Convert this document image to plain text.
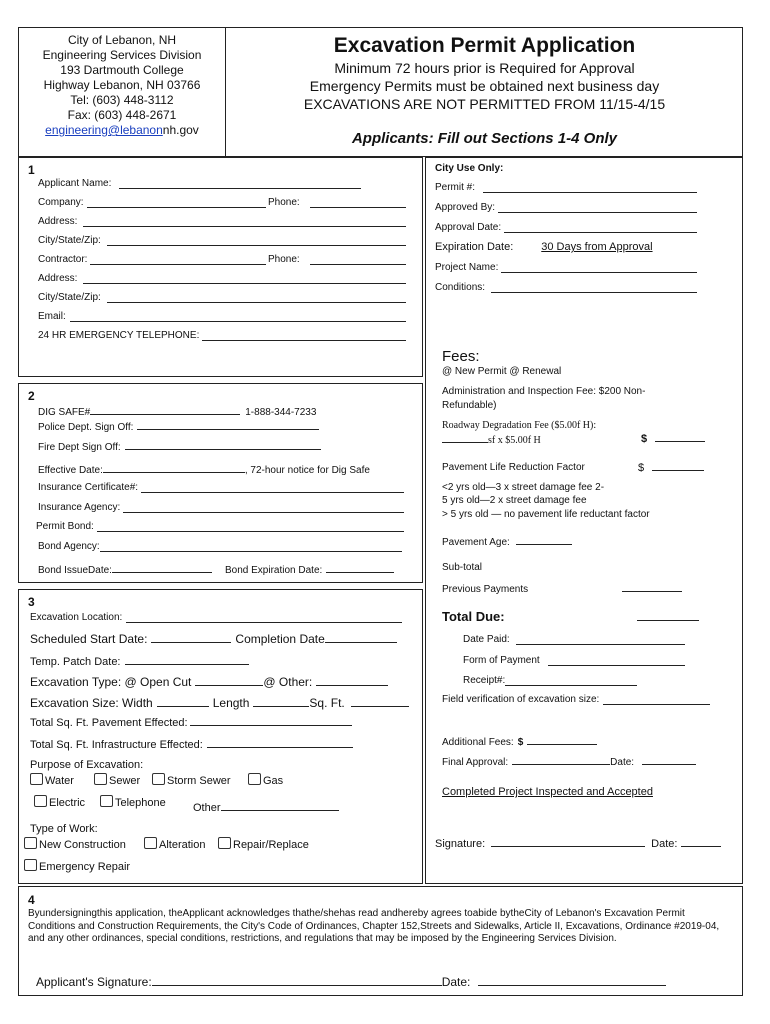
City of Lebanon, NH
Engineering Services Division
193 Dartmouth College
Highway Lebanon, NH 03766
Tel: (603) 448-3112
Fax: (603) 448-2671
engineering@lebanonnh.gov
Excavation Permit Application
Minimum 72 hours prior is Required for Approval
Emergency Permits must be obtained next business day
EXCAVATIONS ARE NOT PERMITTED FROM 11/15-4/15
Applicants: Fill out Sections 1-4 Only
1
Applicant Name:
Company:	Phone:
Address:
City/State/Zip:
Contractor:	Phone:
Address:
City/State/Zip:
Email:
24 HR EMERGENCY TELEPHONE:
2
DIG SAFE#	1-888-344-7233
Police Dept. Sign Off:
Fire Dept Sign Off:
Effective Date:	, 72-hour notice for Dig Safe
Insurance Certificate#:
Insurance Agency:
Permit Bond:
Bond Agency:
Bond IssueDate:	Bond Expiration Date:
3
Excavation Location:
Scheduled Start Date:	Completion Date
Temp. Patch Date:
Excavation Type: @ Open Cut	@ Other:
Excavation Size: Width	Length	Sq. Ft.
Total Sq. Ft. Pavement Effected:
Total Sq. Ft. Infrastructure Effected:
Purpose of Excavation:
Water	Sewer	Storm Sewer	Gas
Electric	Telephone Other
Type of Work:
New Construction	Alteration	Repair/Replace
Emergency Repair
City Use Only:
Permit #:
Approved By:
Approval Date:
Expiration Date:	30 Days from Approval
Project Name:
Conditions:
Fees:
@ New Permit @ Renewal
Administration and Inspection Fee: $200 Non-
Refundable)
Roadway Degradation Fee ($5.00f H):
sf x $5.00f H	$
Pavement Life Reduction Factor	$
<2 yrs old—3 x street damage fee 2-
5 yrs old—2 x street damage fee
> 5 yrs old — no pavement life reductant factor
Pavement Age:
Sub-total
Previous Payments
Total Due:
Date Paid:
Form of Payment
Receipt#:
Field verification of excavation size:
Additional Fees: $
Final Approval:	Date:
Completed Project Inspected and Accepted
Signature:	Date:
4
Byundersigningthis application, theApplicant acknowledges thathe/shehas read andhereby agrees toabide bytheCity of Lebanon's Excavation Permit Conditions and Construction Requirements, the City's Code of Ordinances, Chapter 152,Streets and Sidewalks, Article II, Excavations, Ordinance #2019-04, and any other ordinances, special conditions, restrictions, and regulations that may be imposed by the Engineering Services Division.
Applicant's Signature:	Date:
